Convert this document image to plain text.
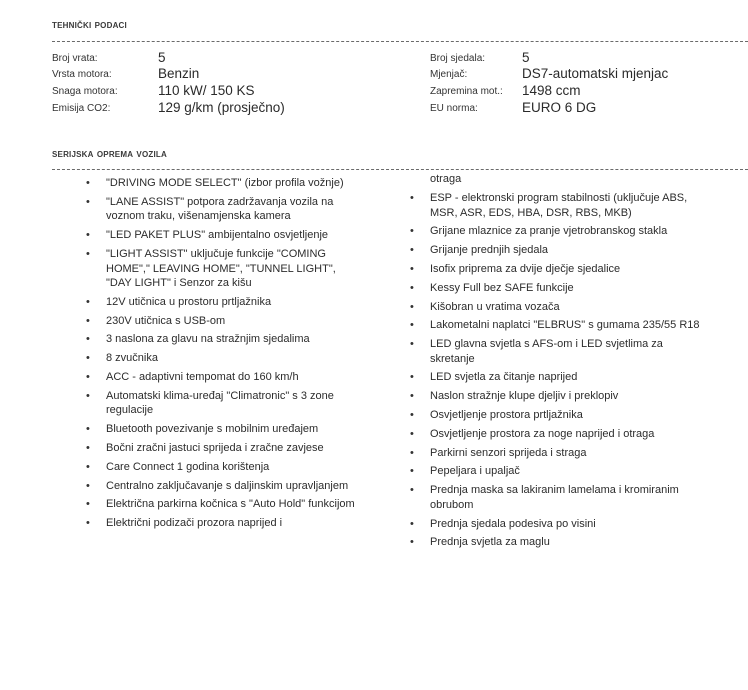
tehnički podaci
Broj vrata:	5
Vrsta motora:	Benzin
Snaga motora:	110 kW/ 150 KS
Emisija CO2:	129 g/km (prosječno)
Broj sjedala:	5
Mjenjač:	DS7-automatski mjenjac
Zapremina mot.: 1498 ccm
EU norma:	EURO 6 DG
serijska oprema vozila
• "DRIVING MODE SELECT" (izbor profila vožnje)
• "LANE ASSIST" potpora zadržavanja vozila na voznom traku, višenamjenska kamera
• "LED PAKET PLUS" ambijentalno osvjetljenje
• "LIGHT ASSIST" uključuje funkcije "COMING HOME"," LEAVING HOME", "TUNNEL LIGHT", "DAY LIGHT" i Senzor za kišu
• 12V utičnica u prostoru prtljažnika
• 230V utičnica s USB-om
• 3 naslona za glavu na stražnjim sjedalima
• 8 zvučnika
• ACC - adaptivni tempomat do 160 km/h
• Automatski klima-uređaj "Climatronic" s 3 zone regulacije
• Bluetooth povezivanje s mobilnim uređajem
• Bočni zračni jastuci sprijeda i zračne zavjese
• Care Connect 1 godina korištenja
• Centralno zaključavanje s daljinskim upravljanjem
• Električna parkirna kočnica s "Auto Hold" funkcijom
• Električni podizači prozora naprijed i
otraga
• ESP - elektronski program stabilnosti (uključuje ABS, MSR, ASR, EDS, HBA, DSR, RBS, MKB)
• Grijane mlaznice za pranje vjetrobranskog stakla
• Grijanje prednjih sjedala
• Isofix priprema za dvije dječje sjedalice
• Kessy Full bez SAFE funkcije
• Kišobran u vratima vozača
• Lakometalni naplatci "ELBRUS" s gumama 235/55 R18
• LED glavna svjetla s AFS-om i LED svjetlima za skretanje
• LED svjetla za čitanje naprijed
• Naslon stražnje klupe djeljiv i preklopiv
• Osvjetljenje prostora prtljažnika
• Osvjetljenje prostora za noge naprijed i otraga
• Parkirni senzori sprijeda i straga
• Pepeljara i upaljač
• Prednja maska sa lakiranim lamelama i kromiranim obrubom
• Prednja sjedala podesiva po visini
• Prednja svjetla za maglu
